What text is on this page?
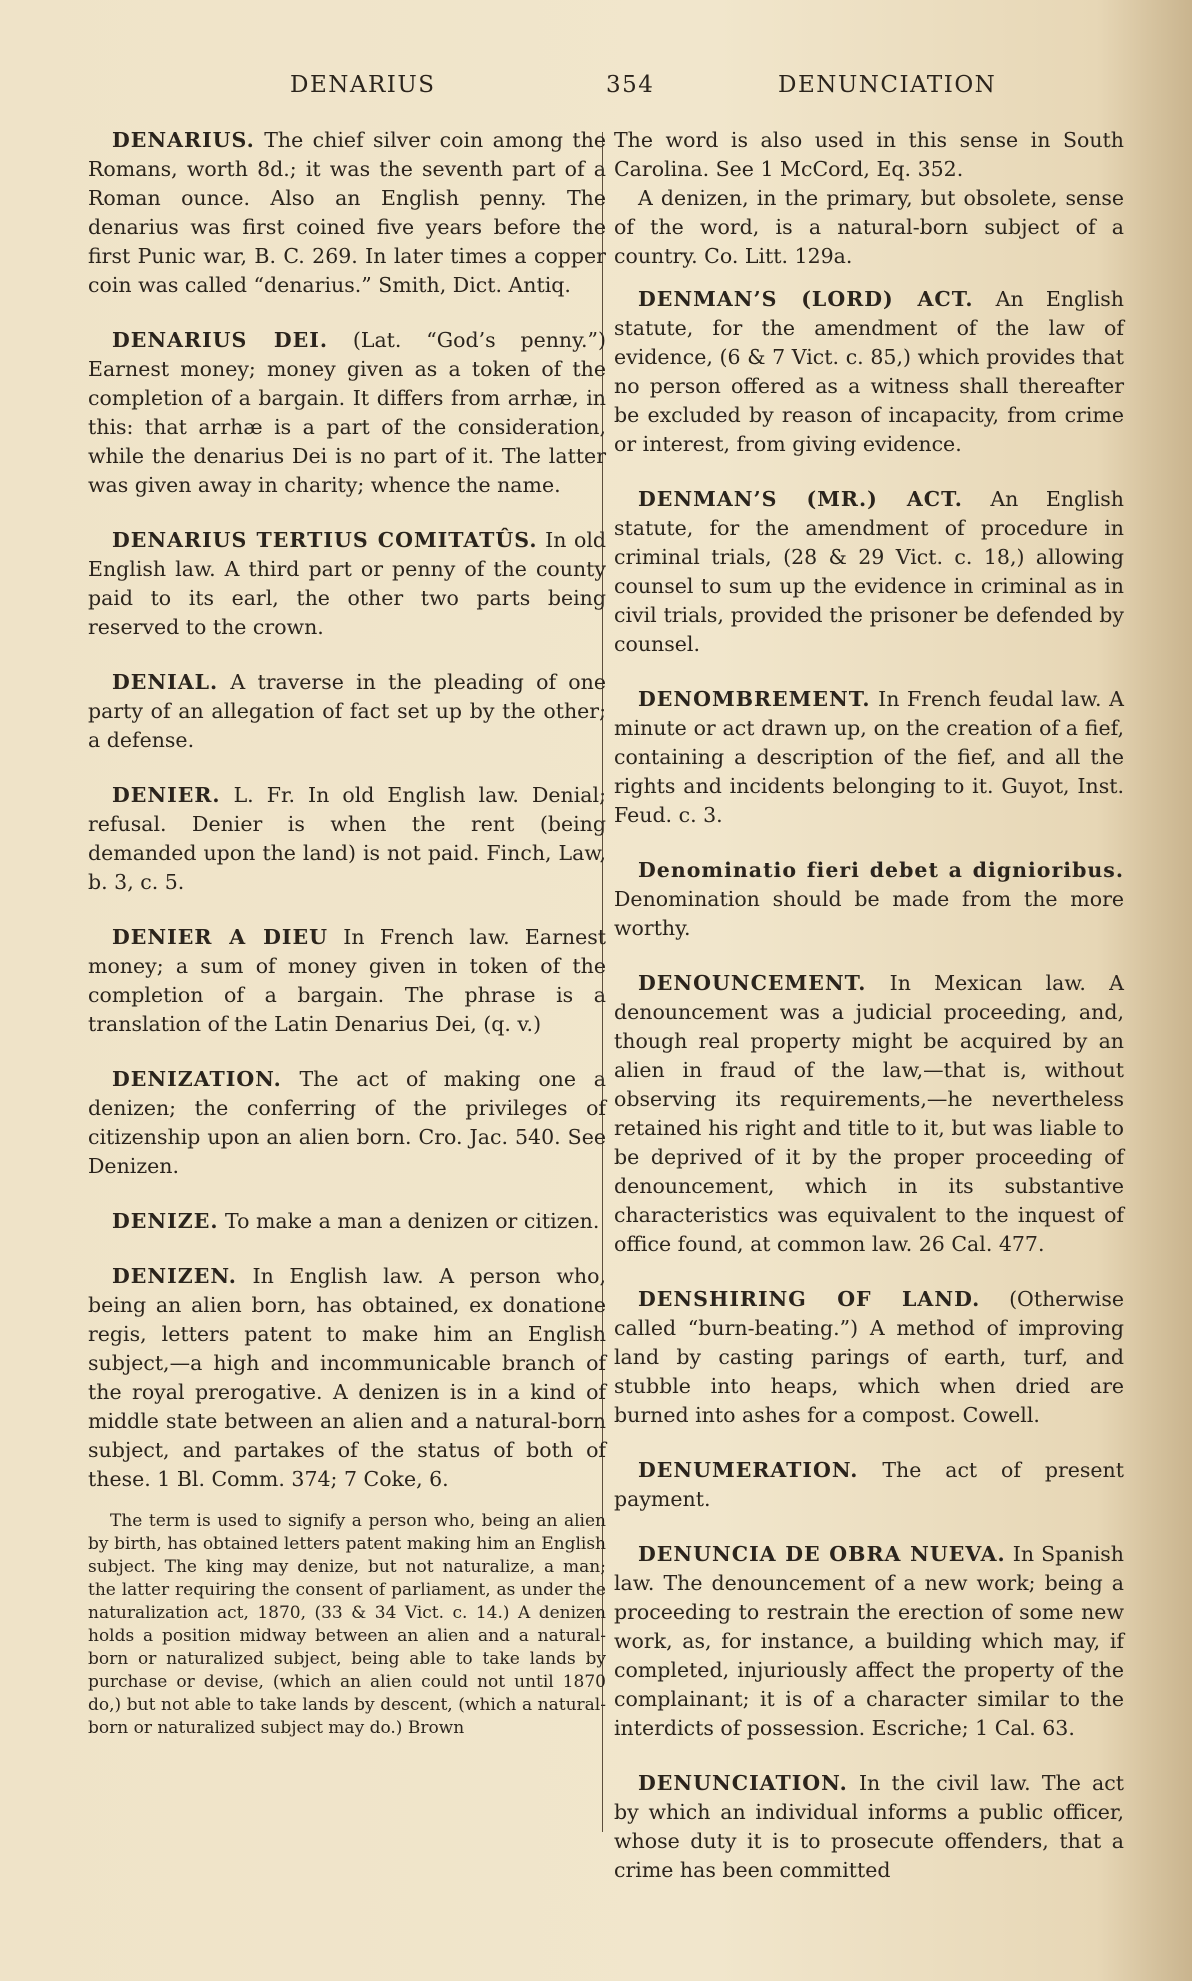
DENARIUS	354	DENUNCIATION

DENARIUS. The chief silver coin among the Romans, worth 8d.; it was the seventh part of a Roman ounce. Also an English penny. The denarius was first coined five years before the first Punic war, B. C. 269. In later times a copper coin was called “denarius.” Smith, Dict. Antiq.

DENARIUS DEI. (Lat. “God’s penny.”) Earnest money; money given as a token of the completion of a bargain. It differs from arrhæ, in this: that arrhæ is a part of the consideration, while the denarius Dei is no part of it. The latter was given away in charity; whence the name.

DENARIUS TERTIUS COMITATÛS. In old English law. A third part or penny of the county paid to its earl, the other two parts being reserved to the crown.

DENIAL. A traverse in the pleading of one party of an allegation of fact set up by the other; a defense.

DENIER. L. Fr. In old English law. Denial; refusal. Denier is when the rent (being demanded upon the land) is not paid. Finch, Law, b. 3, c. 5.

DENIER A DIEU In French law. Earnest money; a sum of money given in token of the completion of a bargain. The phrase is a translation of the Latin Denarius Dei, (q. v.)

DENIZATION. The act of making one a denizen; the conferring of the privileges of citizenship upon an alien born. Cro. Jac. 540. See Denizen.

DENIZE. To make a man a denizen or citizen.

DENIZEN. In English law. A person who, being an alien born, has obtained, ex donatione regis, letters patent to make him an English subject,—a high and incommunicable branch of the royal prerogative. A denizen is in a kind of middle state between an alien and a natural-born subject, and partakes of the status of both of these. 1 Bl. Comm. 374; 7 Coke, 6.

The term is used to signify a person who, being an alien by birth, has obtained letters patent making him an English subject. The king may denize, but not naturalize, a man; the latter requiring the consent of parliament, as under the naturalization act, 1870, (33 & 34 Vict. c. 14.) A denizen holds a position midway between an alien and a natural-born or naturalized subject, being able to take lands by purchase or devise, (which an alien could not until 1870 do,) but not able to take lands by descent, (which a natural-born or naturalized subject may do.) Brown

The word is also used in this sense in South Carolina. See 1 McCord, Eq. 352.

A denizen, in the primary, but obsolete, sense of the word, is a natural-born subject of a country. Co. Litt. 129a.

DENMAN’S (LORD) ACT. An English statute, for the amendment of the law of evidence, (6 & 7 Vict. c. 85,) which provides that no person offered as a witness shall thereafter be excluded by reason of incapacity, from crime or interest, from giving evidence.

DENMAN’S (MR.) ACT. An English statute, for the amendment of procedure in criminal trials, (28 & 29 Vict. c. 18,) allowing counsel to sum up the evidence in criminal as in civil trials, provided the prisoner be defended by counsel.

DENOMBREMENT. In French feudal law. A minute or act drawn up, on the creation of a fief, containing a description of the fief, and all the rights and incidents belonging to it. Guyot, Inst. Feud. c. 3.

Denominatio fieri debet a dignioribus. Denomination should be made from the more worthy.

DENOUNCEMENT. In Mexican law. A denouncement was a judicial proceeding, and, though real property might be acquired by an alien in fraud of the law,—that is, without observing its requirements,—he nevertheless retained his right and title to it, but was liable to be deprived of it by the proper proceeding of denouncement, which in its substantive characteristics was equivalent to the inquest of office found, at common law. 26 Cal. 477.

DENSHIRING OF LAND. (Otherwise called “burn-beating.”) A method of improving land by casting parings of earth, turf, and stubble into heaps, which when dried are burned into ashes for a compost. Cowell.

DENUMERATION. The act of present payment.

DENUNCIA DE OBRA NUEVA. In Spanish law. The denouncement of a new work; being a proceeding to restrain the erection of some new work, as, for instance, a building which may, if completed, injuriously affect the property of the complainant; it is of a character similar to the interdicts of possession. Escriche; 1 Cal. 63.

DENUNCIATION. In the civil law. The act by which an individual informs a public officer, whose duty it is to prosecute offenders, that a crime has been committed
